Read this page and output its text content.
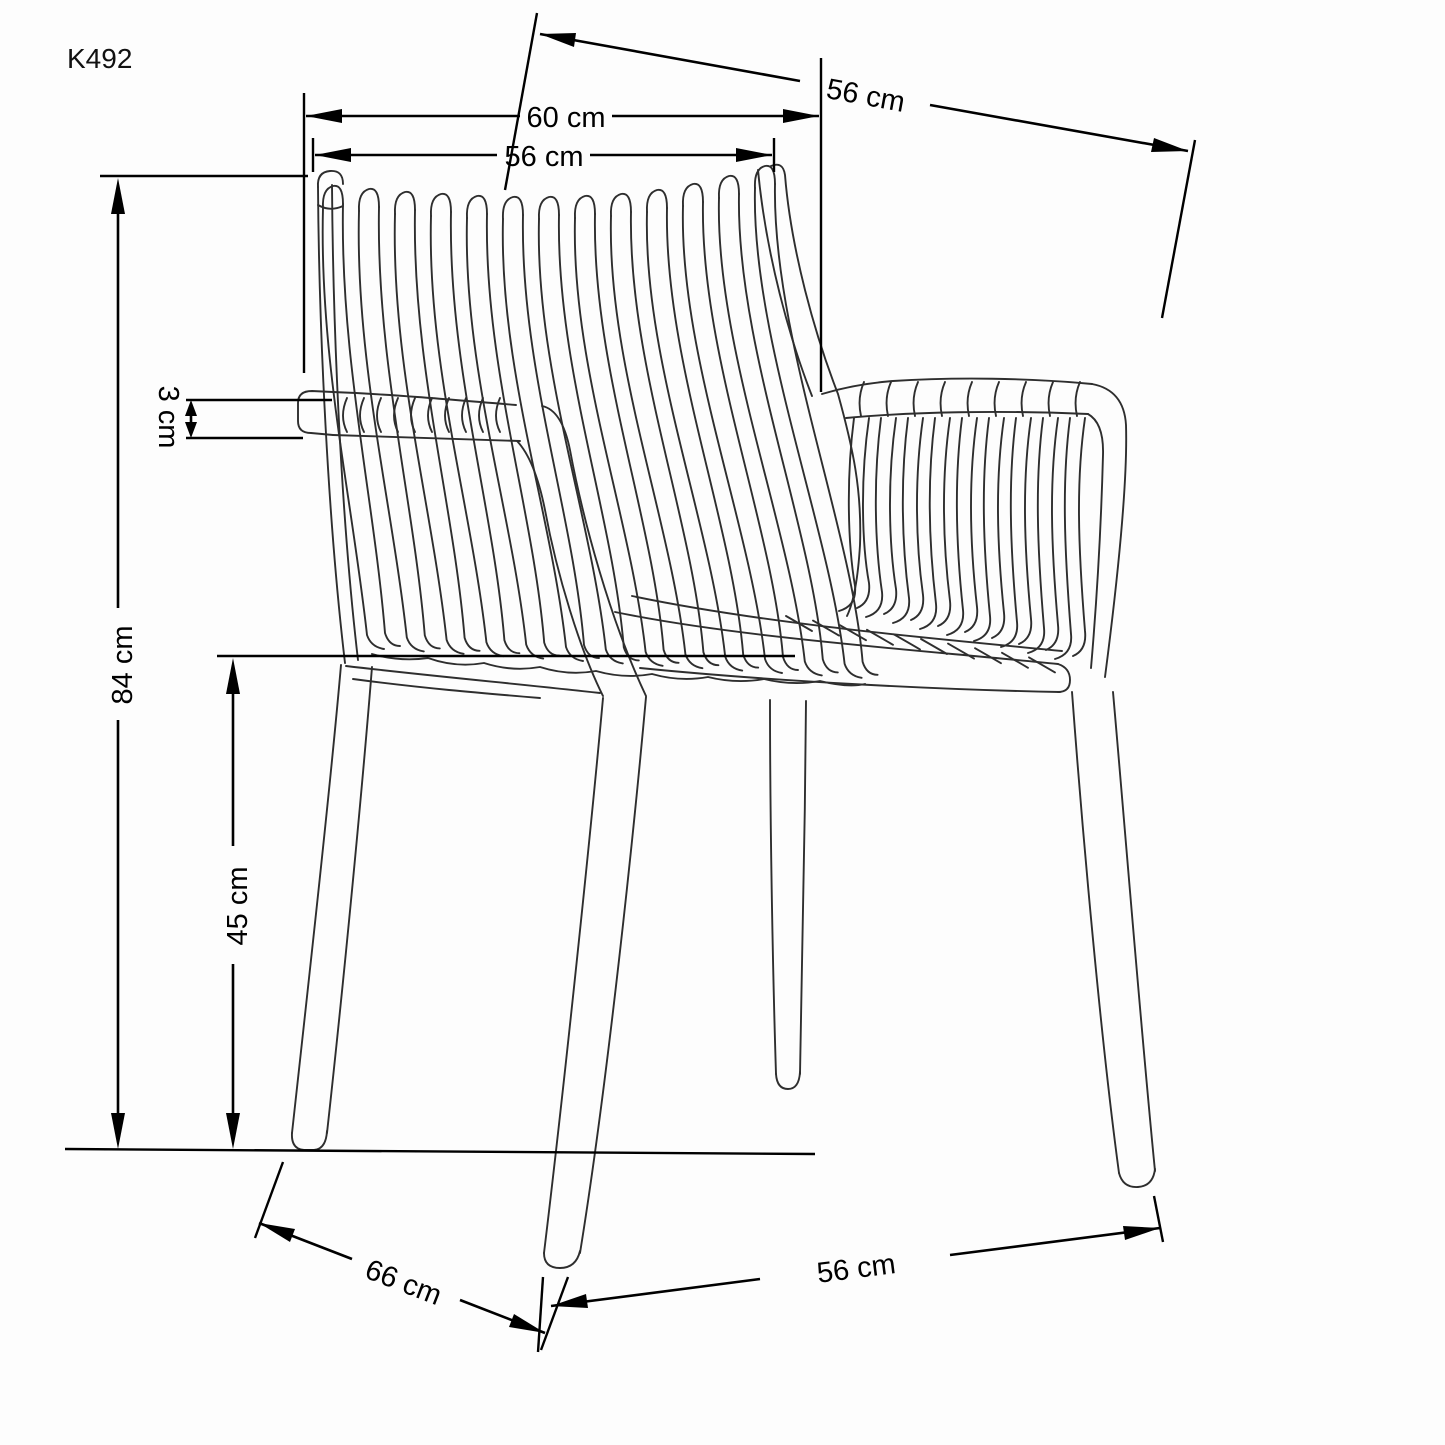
84 cm
45 cm
3 cm
60 cm
56 cm
56 cm
66 cm	56 cm
K492
